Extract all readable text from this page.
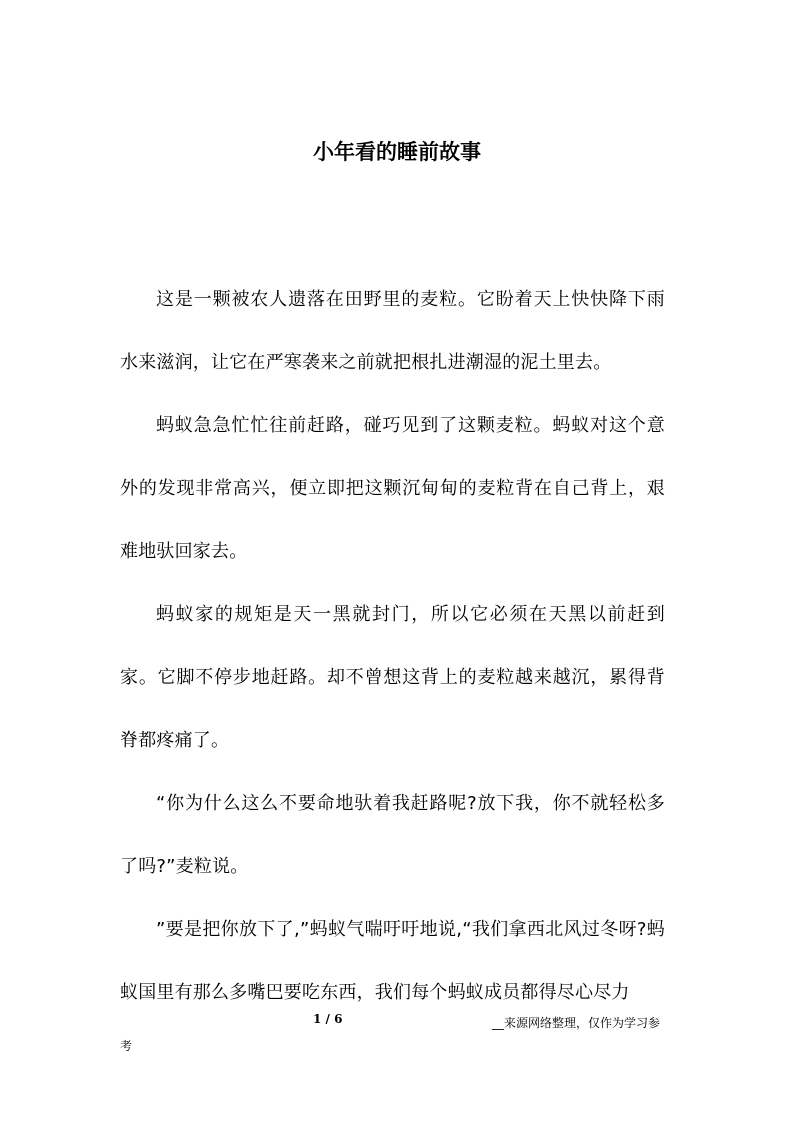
小年看的睡前故事

这是一颗被农人遗落在田野里的麦粒。它盼着天上快快降下雨水来滋润，让它在严寒袭来之前就把根扎进潮湿的泥土里去。

蚂蚁急急忙忙往前赶路，碰巧见到了这颗麦粒。蚂蚁对这个意外的发现非常高兴，便立即把这颗沉甸甸的麦粒背在自己背上，艰难地驮回家去。

蚂蚁家的规矩是天一黑就封门，所以它必须在天黑以前赶到家。它脚不停步地赶路。却不曾想这背上的麦粒越来越沉，累得背脊都疼痛了。

“你为什么这么不要命地驮着我赶路呢?放下我，你不就轻松多了吗?”麦粒说。

”要是把你放下了,”蚂蚁气喘吁吁地说,“我们拿西北风过冬呀?蚂蚁国里有那么多嘴巴要吃东西，我们每个蚂蚁成员都得尽心尽力

1 / 6	__来源网络整理，仅作为学习参考
